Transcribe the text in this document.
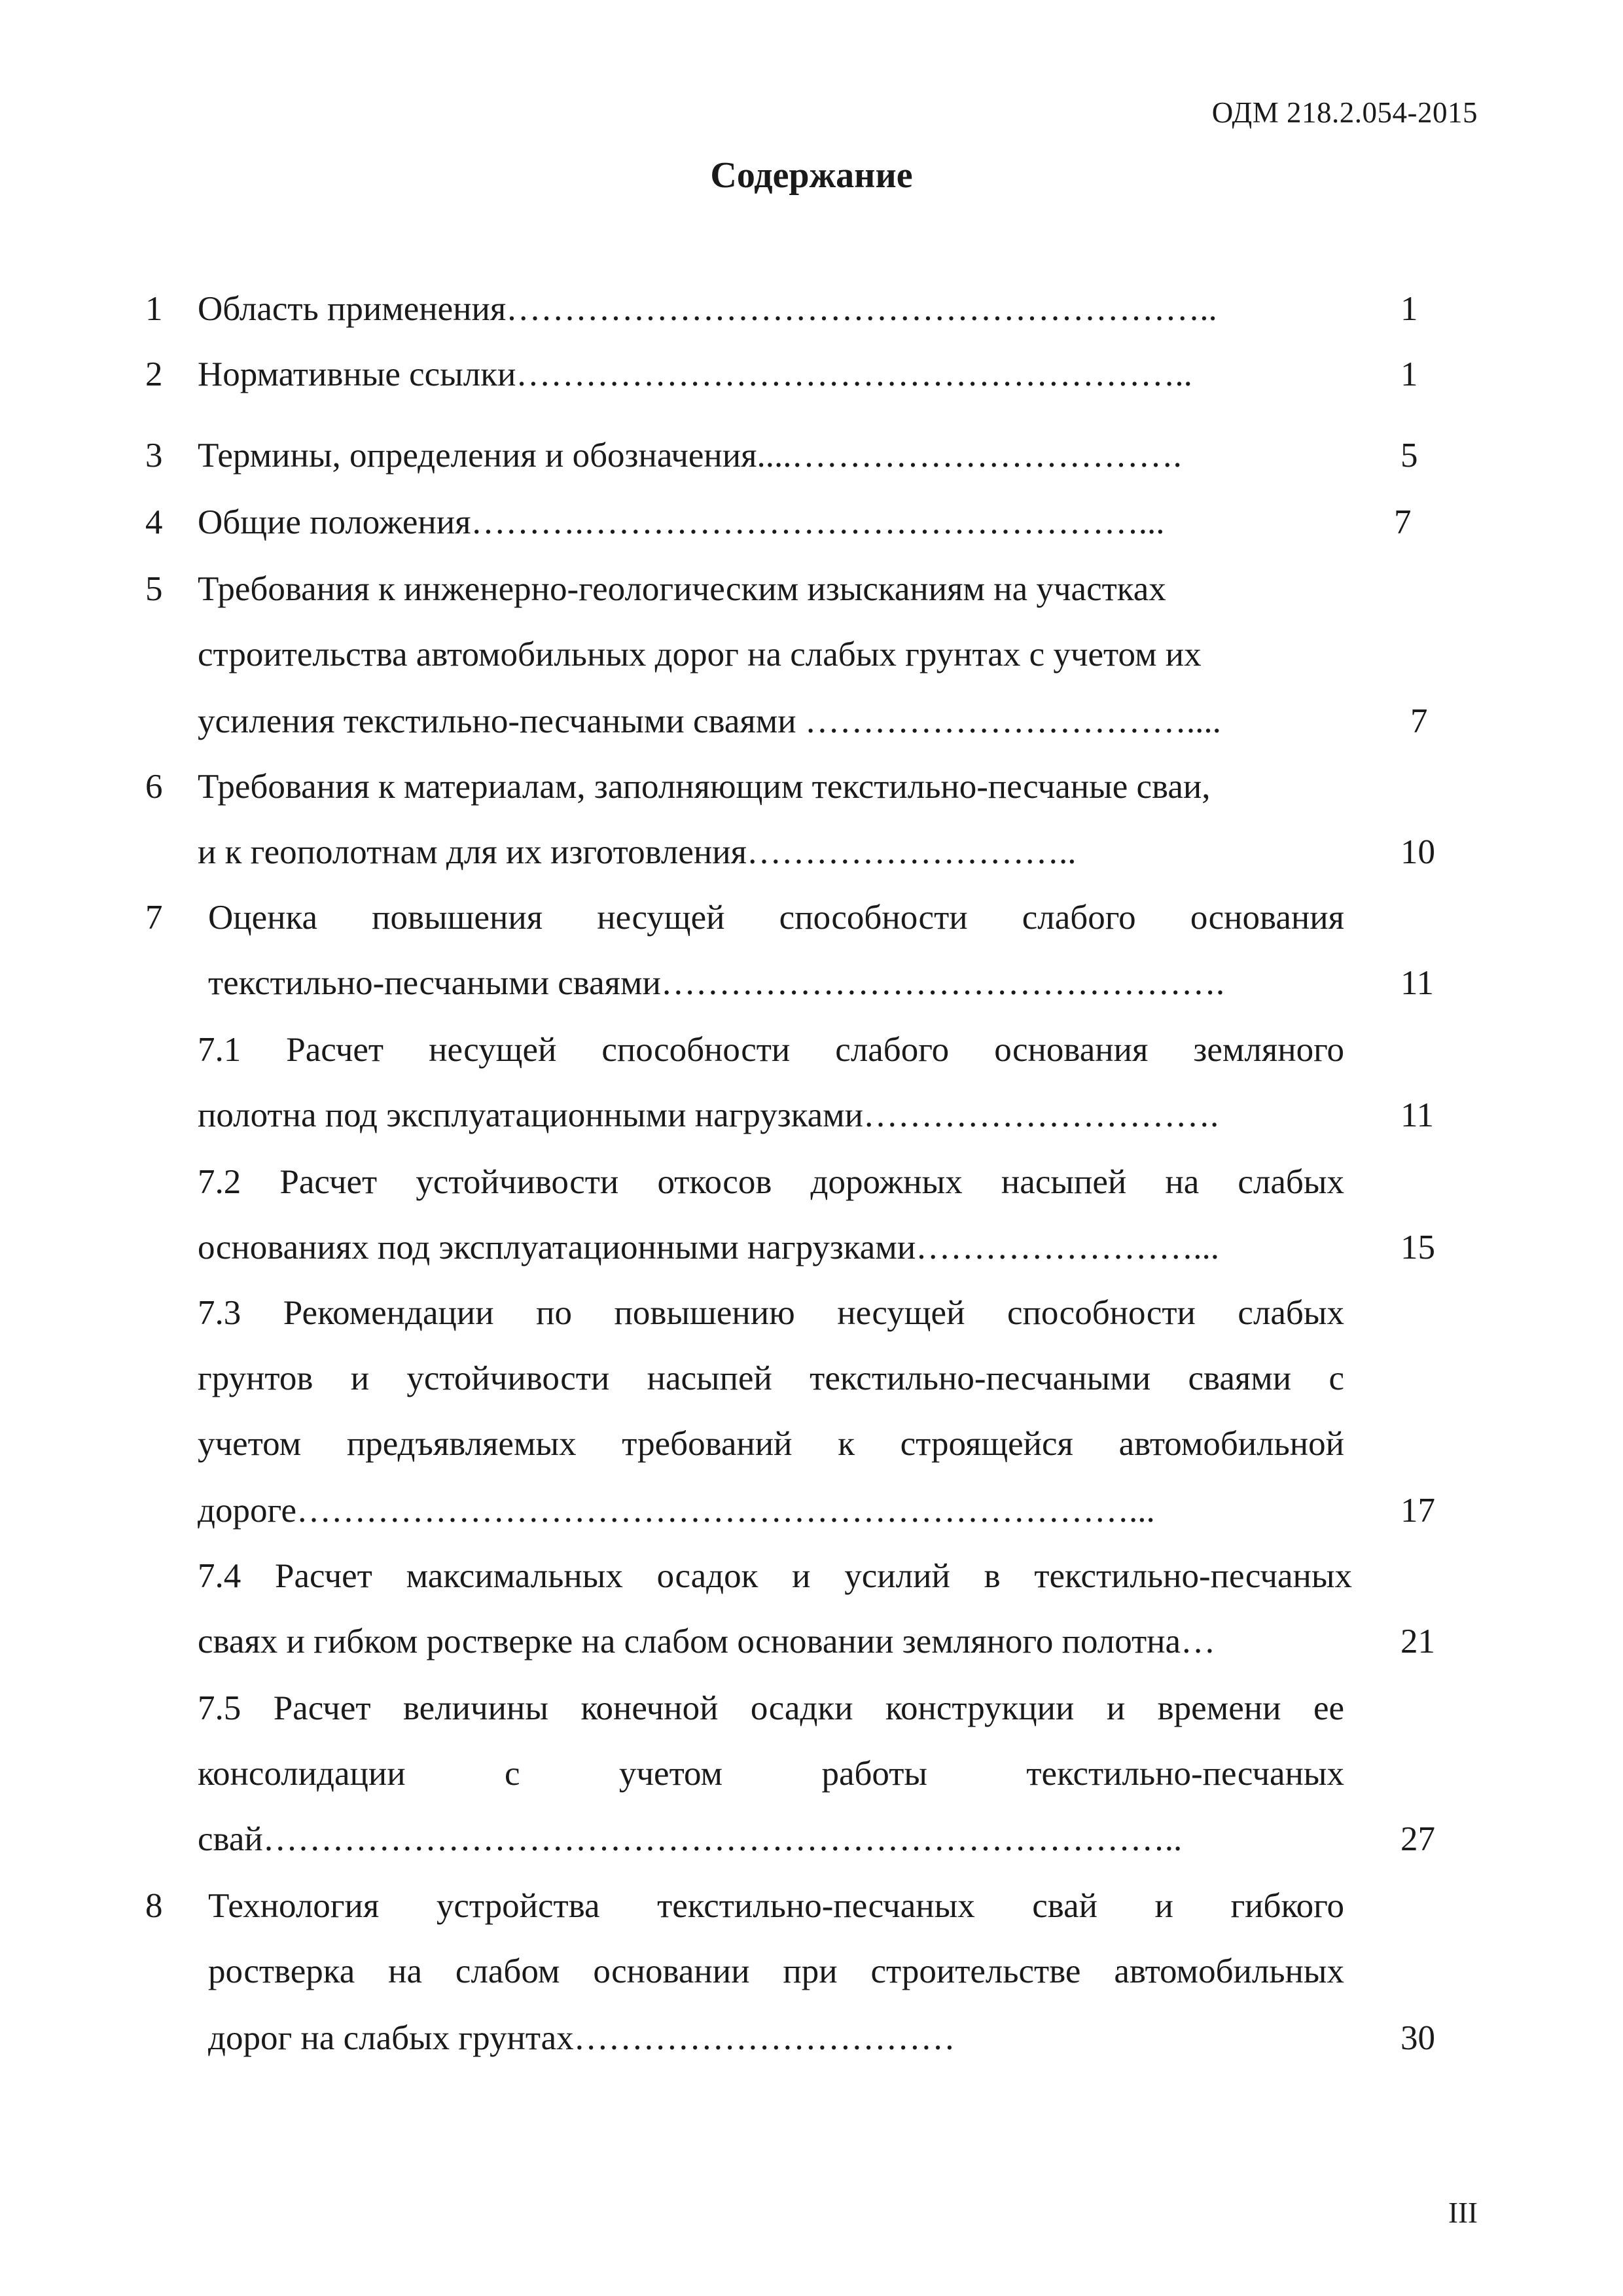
ОДМ 218.2.054-2015
Содержание
1 Область применения……………………………………………………..	1
2 Нормативные ссылки…………………………………………………..	1
3 Термины, определения и обозначения....…………………………….	5
4 Общие положения……….…………………………………………...	7
5 Требования к инженерно-геологическим изысканиям на участках
строительства автомобильных дорог на слабых грунтах с учетом их
усиления текстильно-песчаными сваями ……………………………....	7
6 Требования к материалам, заполняющим текстильно-песчаные сваи,
и к геополотнам для их изготовления………………………..	10
7 Оценка повышения несущей способности слабого основания
текстильно-песчаными сваями………………………………………….	11
7.1 Расчет несущей способности слабого основания земляного
полотна под эксплуатационными нагрузками………………………….	11
7.2 Расчет устойчивости откосов дорожных насыпей на слабых
основаниях под эксплуатационными нагрузками……………………...	15
7.3 Рекомендации по повышению несущей способности слабых
грунтов и устойчивости насыпей текстильно-песчаными сваями с
учетом предъявляемых требований к строящейся автомобильной
дороге………………………………………………………………...	17
7.4 Расчет максимальных осадок и усилий в текстильно-песчаных
сваях и гибком ростверке на слабом основании земляного полотна…	21
7.5 Расчет величины конечной осадки конструкции и времени ее
консолидации с учетом работы текстильно-песчаных
свай……………………………………………………………………..	27
8 Технология устройства текстильно-песчаных свай и гибкого
ростверка на слабом основании при строительстве автомобильных
дорог на слабых грунтах……………………………	30
III
